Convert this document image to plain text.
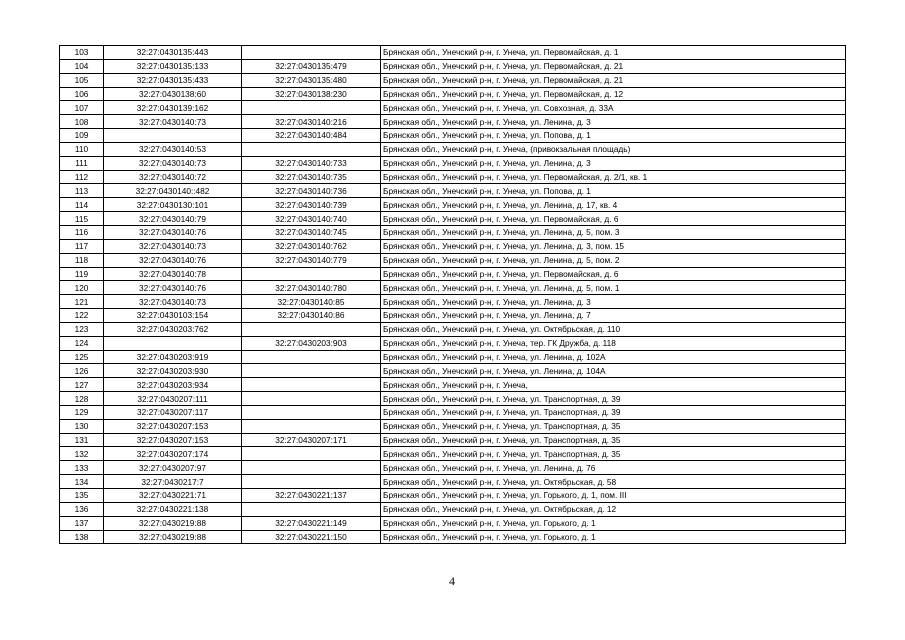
103	32:27:0430135:443		Брянская обл., Унечский р-н, г. Унеча, ул. Первомайская, д. 1
104	32:27:0430135:133	32:27:0430135:479	Брянская обл., Унечский р-н, г. Унеча, ул. Первомайская, д. 21
105	32:27:0430135:433	32:27:0430135:480	Брянская обл., Унечский р-н, г. Унеча, ул. Первомайская, д. 21
106	32:27:0430138:60	32:27:0430138:230	Брянская обл., Унечский р-н, г. Унеча, ул. Первомайская, д. 12
107	32:27:0430139:162		Брянская обл., Унечский р-н, г. Унеча, ул. Совхозная, д. 33А
108	32:27:0430140:73	32:27:0430140:216	Брянская обл., Унечский р-н, г. Унеча, ул. Ленина, д. 3
109		32:27:0430140:484	Брянская обл., Унечский р-н, г. Унеча, ул. Попова, д. 1
110	32:27:0430140:53		Брянская обл., Унечский р-н, г. Унеча, (привокзальная площадь)
111	32:27:0430140:73	32:27:0430140:733	Брянская обл., Унечский р-н, г. Унеча, ул. Ленина, д. 3
112	32:27:0430140:72	32:27:0430140:735	Брянская обл., Унечский р-н, г. Унеча, ул. Первомайская, д. 2/1, кв. 1
113	32:27:0430140::482	32:27:0430140:736	Брянская обл., Унечский р-н, г. Унеча, ул. Попова, д. 1
114	32:27:0430130:101	32:27:0430140:739	Брянская обл., Унечский р-н, г. Унеча, ул. Ленина, д. 17, кв. 4
115	32:27:0430140:79	32:27:0430140:740	Брянская обл., Унечский р-н, г. Унеча, ул. Первомайская, д. 6
116	32:27:0430140:76	32:27:0430140:745	Брянская обл., Унечский р-н, г. Унеча, ул. Ленина, д. 5, пом. 3
117	32:27:0430140:73	32:27:0430140:762	Брянская обл., Унечский р-н, г. Унеча, ул. Ленина, д. 3, пом. 15
118	32:27:0430140:76	32:27:0430140:779	Брянская обл., Унечский р-н, г. Унеча, ул. Ленина, д. 5, пом. 2
119	32:27:0430140:78		Брянская обл., Унечский р-н, г. Унеча, ул. Первомайская, д. 6
120	32:27:0430140:76	32:27:0430140:780	Брянская обл., Унечский р-н, г. Унеча, ул. Ленина, д. 5, пом. 1
121	32:27:0430140:73	32:27:0430140:85	Брянская обл., Унечский р-н, г. Унеча, ул. Ленина, д. 3
122	32:27:0430103:154	32:27:0430140:86	Брянская обл., Унечский р-н, г. Унеча, ул. Ленина, д. 7
123	32:27:0430203:762		Брянская обл., Унечский р-н, г. Унеча, ул. Октябрьская, д. 110
124		32:27:0430203:903	Брянская обл., Унечский р-н, г. Унеча, тер. ГК Дружба, д. 118
125	32:27:0430203:919		Брянская обл., Унечский р-н, г. Унеча, ул. Ленина, д. 102А
126	32:27:0430203:930		Брянская обл., Унечский р-н, г. Унеча, ул. Ленина, д. 104А
127	32:27:0430203:934		Брянская обл., Унечский р-н, г. Унеча,
128	32:27:0430207:111		Брянская обл., Унечский р-н, г. Унеча, ул. Транспортная, д. 39
129	32:27:0430207:117		Брянская обл., Унечский р-н, г. Унеча, ул. Транспортная, д. 39
130	32:27:0430207:153		Брянская обл., Унечский р-н, г. Унеча, ул. Транспортная, д. 35
131	32:27:0430207:153	32:27:0430207:171	Брянская обл., Унечский р-н, г. Унеча, ул. Транспортная, д. 35
132	32:27:0430207:174		Брянская обл., Унечский р-н, г. Унеча, ул. Транспортная, д. 35
133	32:27:0430207:97		Брянская обл., Унечский р-н, г. Унеча, ул. Ленина, д. 76
134	32:27:0430217:7		Брянская обл., Унечский р-н, г. Унеча, ул. Октябрьская, д. 58
135	32:27:0430221:71	32:27:0430221:137	Брянская обл., Унечский р-н, г. Унеча, ул. Горького, д. 1, пом. III
136	32:27:0430221:138		Брянская обл., Унечский р-н, г. Унеча, ул. Октябрьская, д. 12
137	32:27:0430219:88	32:27:0430221:149	Брянская обл., Унечский р-н, г. Унеча, ул. Горького, д. 1
138	32:27:0430219:88	32:27:0430221:150	Брянская обл., Унечский р-н, г. Унеча, ул. Горького, д. 1
4
